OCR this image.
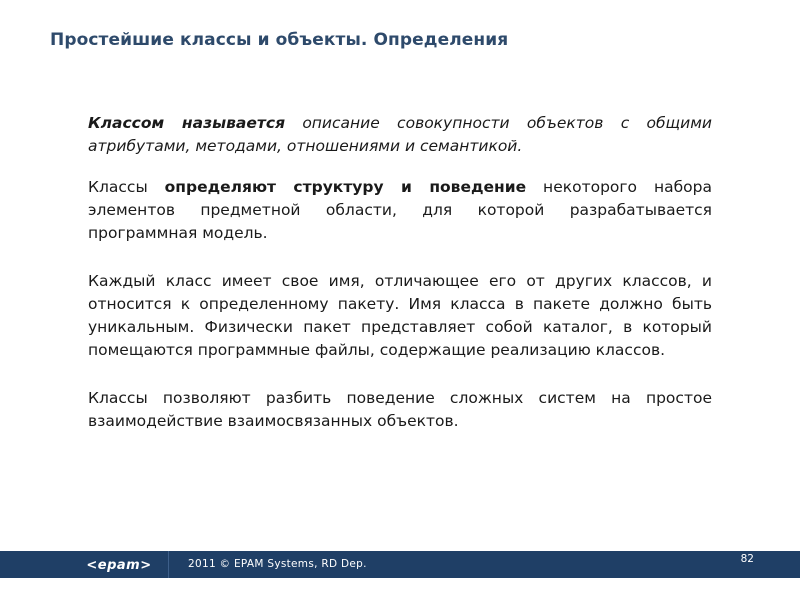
Простейшие классы и объекты. Определения

Классом называется описание совокупности объектов с общими атрибутами, методами, отношениями и семантикой.

Классы определяют структуру и поведение некоторого набора элементов предметной области, для которой разрабатывается программная модель.

Каждый класс имеет свое имя, отличающее его от других классов, и относится к определенному пакету. Имя класса в пакете должно быть уникальным. Физически пакет представляет собой каталог, в который помещаются программные файлы, содержащие реализацию классов.

Классы позволяют разбить поведение сложных систем на простое взаимодействие взаимосвязанных объектов.

<epam>	2011 © EPAM Systems, RD Dep.	82
